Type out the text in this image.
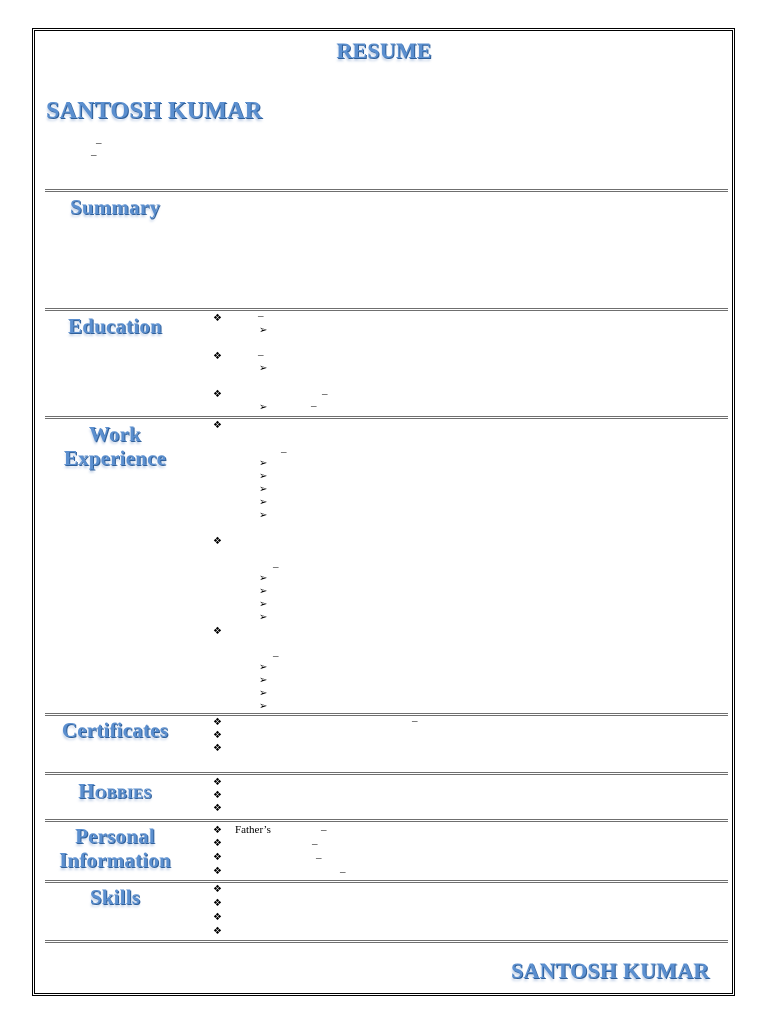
RESUME
SANTOSH KUMAR
–
–
Summary
Education	❖	–
➢
❖	–
➢
❖	–
➢	–
Work
Experience
❖
–
➢
➢
➢
➢
➢
❖
–
➢
➢
➢
➢
❖
–
➢
➢
➢
➢
Certificates	❖	–
❖
❖
Hobbies	❖
❖
❖
Personal
Information
❖ Father’s	–
❖	–
❖	–
❖	–
Skills	❖
❖
❖
❖
SANTOSH KUMAR
